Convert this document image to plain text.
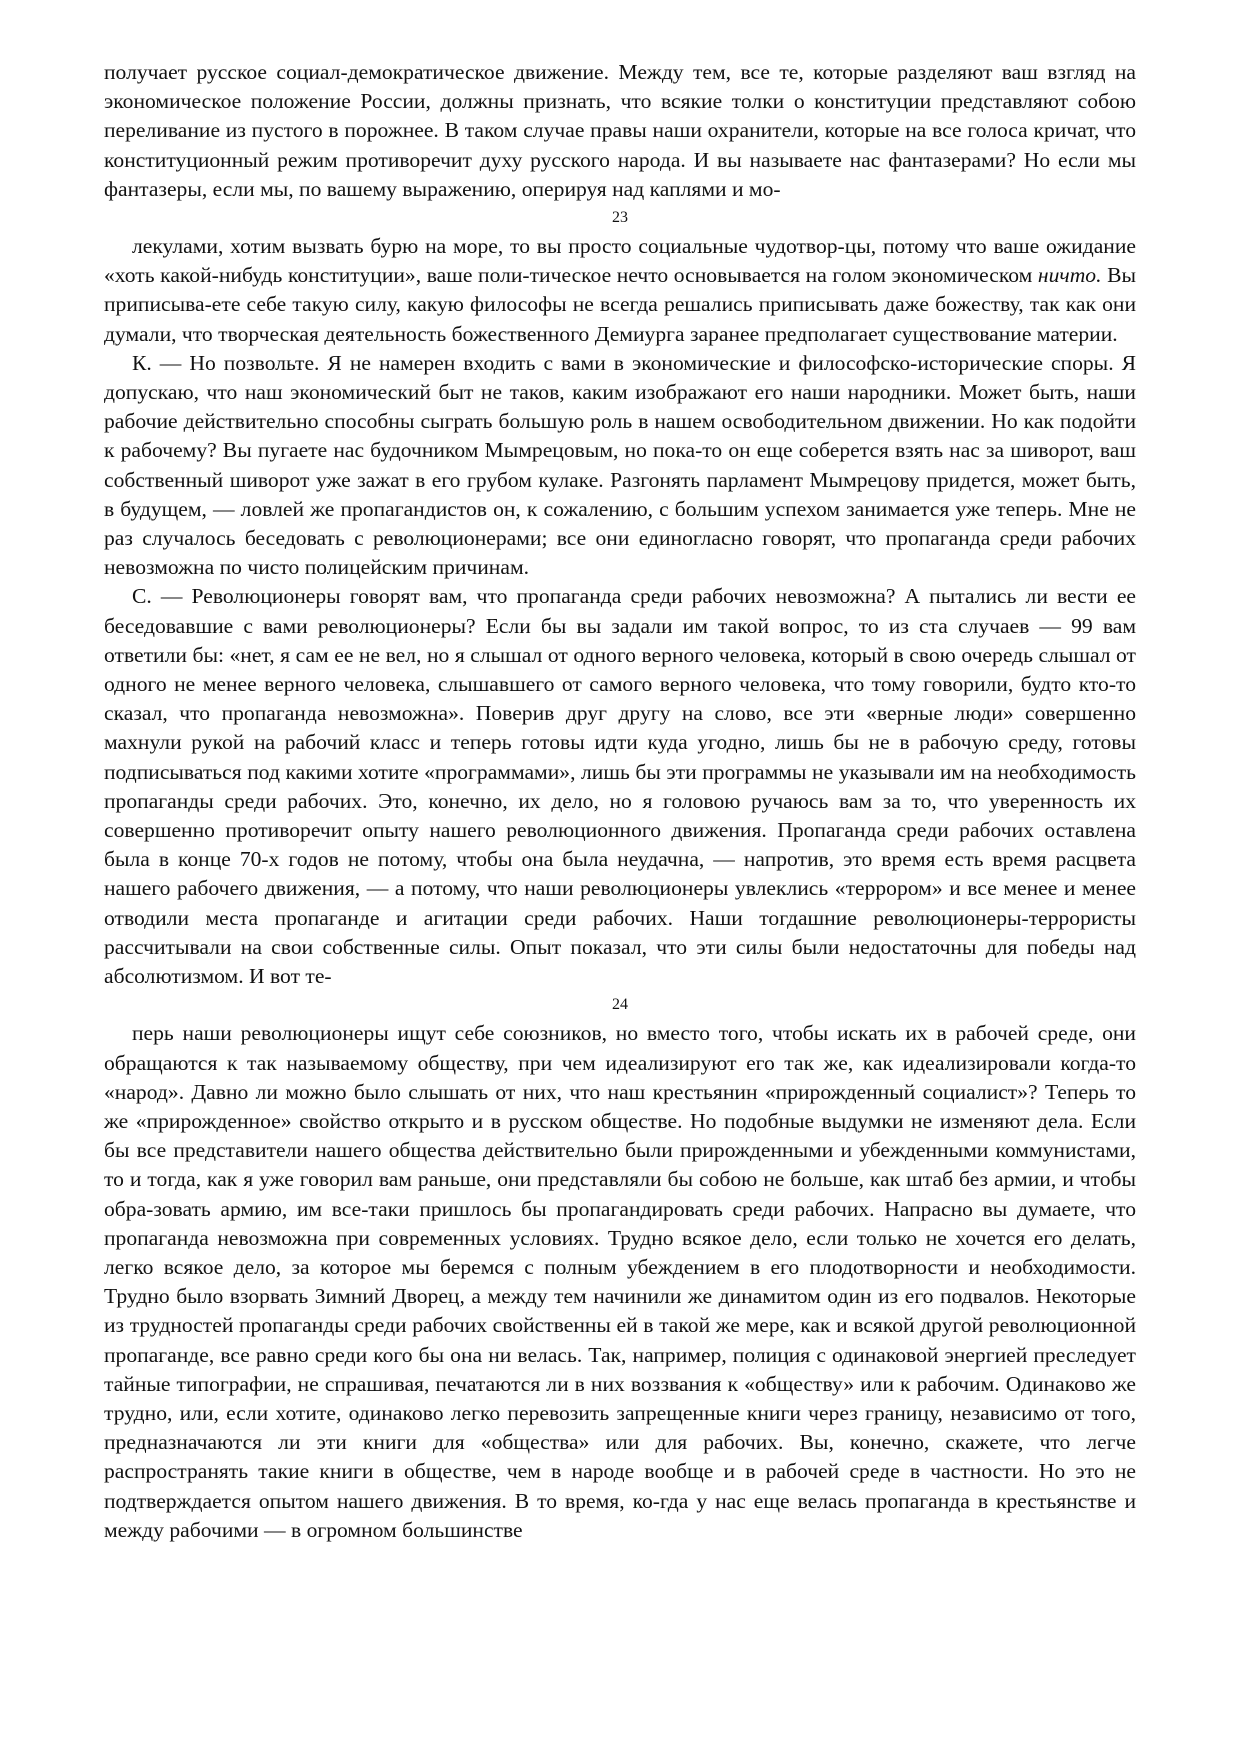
получает русское социал-демократическое движение. Между тем, все те, которые разделяют ваш взгляд на экономическое положение России, должны признать, что всякие толки о конституции представляют собою переливание из пустого в порожнее. В таком случае правы наши охранители, которые на все голоса кричат, что конституционный режим противоречит духу русского народа. И вы называете нас фантазерами? Но если мы фантазеры, если мы, по вашему выражению, оперируя над каплями и мо-

23

лекулами, хотим вызвать бурю на море, то вы просто социальные чудотвор-цы, потому что ваше ожидание «хоть какой-нибудь конституции», ваше поли-тическое нечто основывается на голом экономическом ничто. Вы приписыва-ете себе такую силу, какую философы не всегда решались приписывать даже божеству, так как они думали, что творческая деятельность божественного Демиурга заранее предполагает существование материи.

К. — Но позвольте. Я не намерен входить с вами в экономические и философско-исторические споры. Я допускаю, что наш экономический быт не таков, каким изображают его наши народники. Может быть, наши рабочие действительно способны сыграть большую роль в нашем освободительном движении. Но как подойти к рабочему? Вы пугаете нас будочником Мымрецовым, но пока-то он еще соберется взять нас за шиворот, ваш собственный шиворот уже зажат в его грубом кулаке. Разгонять парламент Мымрецову придется, может быть, в будущем, — ловлей же пропагандистов он, к сожалению, с большим успехом занимается уже теперь. Мне не раз случалось беседовать с революционерами; все они единогласно говорят, что пропаганда среди рабочих невозможна по чисто полицейским причинам.

С. — Революционеры говорят вам, что пропаганда среди рабочих невозможна? А пытались ли вести ее беседовавшие с вами революционеры? Если бы вы задали им такой вопрос, то из ста случаев — 99 вам ответили бы: «нет, я сам ее не вел, но я слышал от одного верного человека, который в свою очередь слышал от одного не менее верного человека, слышавшего от самого верного человека, что тому говорили, будто кто-то сказал, что пропаганда невозможна». Поверив друг другу на слово, все эти «верные люди» совершенно махнули рукой на рабочий класс и теперь готовы идти куда угодно, лишь бы не в рабочую среду, готовы подписываться под какими хотите «программами», лишь бы эти программы не указывали им на необходимость пропаганды среди рабочих. Это, конечно, их дело, но я головою ручаюсь вам за то, что уверенность их совершенно противоречит опыту нашего революционного движения. Пропаганда среди рабочих оставлена была в конце 70-х годов не потому, чтобы она была неудачна, — напротив, это время есть время расцвета нашего рабочего движения, — а потому, что наши революционеры увлеклись «террором» и все менее и менее отводили места пропаганде и агитации среди рабочих. Наши тогдашние революционеры-террористы рассчитывали на свои собственные силы. Опыт показал, что эти силы были недостаточны для победы над абсолютизмом. И вот те-

24

перь наши революционеры ищут себе союзников, но вместо того, чтобы искать их в рабочей среде, они обращаются к так называемому обществу, при чем идеализируют его так же, как идеализировали когда-то «народ». Давно ли можно было слышать от них, что наш крестьянин «прирожденный социалист»? Теперь то же «прирожденное» свойство открыто и в русском обществе. Но подобные выдумки не изменяют дела. Если бы все представители нашего общества действительно были прирожденными и убежденными коммунистами, то и тогда, как я уже говорил вам раньше, они представляли бы собою не больше, как штаб без армии, и чтобы обра-зовать армию, им все-таки пришлось бы пропагандировать среди рабочих. Напрасно вы думаете, что пропаганда невозможна при современных условиях. Трудно всякое дело, если только не хочется его делать, легко всякое дело, за которое мы беремся с полным убеждением в его плодотворности и необходимости. Трудно было взорвать Зимний Дворец, а между тем начинили же динамитом один из его подвалов. Некоторые из трудностей пропаганды среди рабочих свойственны ей в такой же мере, как и всякой другой революционной пропаганде, все равно среди кого бы она ни велась. Так, например, полиция с одинаковой энергией преследует тайные типографии, не спрашивая, печатаются ли в них воззвания к «обществу» или к рабочим. Одинаково же трудно, или, если хотите, одинаково легко перевозить запрещенные книги через границу, независимо от того, предназначаются ли эти книги для «общества» или для рабочих. Вы, конечно, скажете, что легче распространять такие книги в обществе, чем в народе вообще и в рабочей среде в частности. Но это не подтверждается опытом нашего движения. В то время, ко-гда у нас еще велась пропаганда в крестьянстве и между рабочими — в огромном большинстве
